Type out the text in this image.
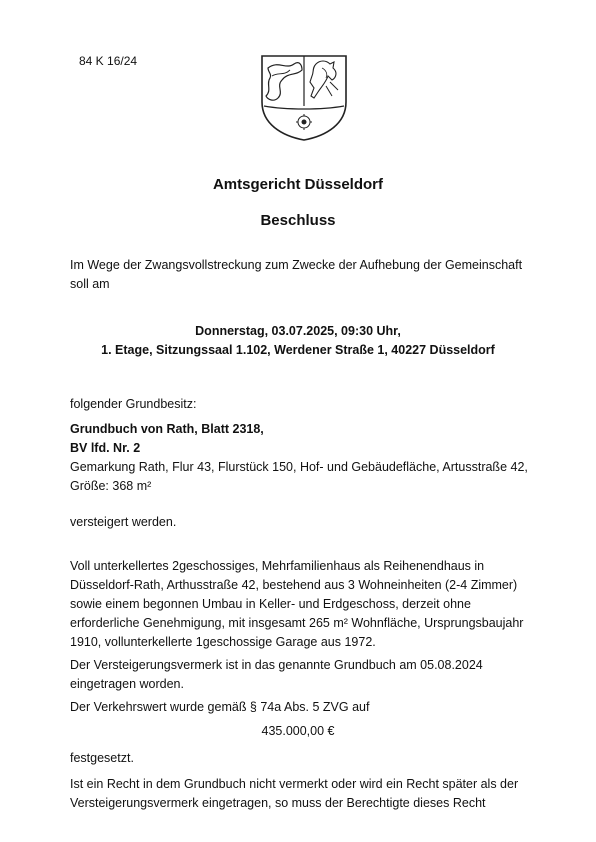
84 K 16/24
Amtsgericht Düsseldorf
Beschluss
Im Wege der Zwangsvollstreckung zum Zwecke der Aufhebung der Gemeinschaft
soll am
Donnerstag, 03.07.2025, 09:30 Uhr,
1. Etage, Sitzungssaal 1.102, Werdener Straße 1, 40227 Düsseldorf
folgender Grundbesitz:
Grundbuch von Rath, Blatt 2318,
BV lfd. Nr. 2
Gemarkung Rath, Flur 43, Flurstück 150, Hof- und Gebäudefläche, Artusstraße 42,
Größe: 368 m²
versteigert werden.
Voll unterkellertes 2geschossiges, Mehrfamilienhaus als Reihenendhaus in
Düsseldorf-Rath, Arthusstraße 42, bestehend aus 3 Wohneinheiten (2-4 Zimmer)
sowie einem begonnen Umbau in Keller- und Erdgeschoss, derzeit ohne
erforderliche Genehmigung, mit insgesamt 265 m² Wohnfläche, Ursprungsbaujahr
1910, vollunterkellerte 1geschossige Garage aus 1972.
Der Versteigerungsvermerk ist in das genannte Grundbuch am 05.08.2024
eingetragen worden.
Der Verkehrswert wurde gemäß § 74a Abs. 5 ZVG auf
435.000,00 €
festgesetzt.
Ist ein Recht in dem Grundbuch nicht vermerkt oder wird ein Recht später als der
Versteigerungsvermerk eingetragen, so muss der Berechtigte dieses Recht
